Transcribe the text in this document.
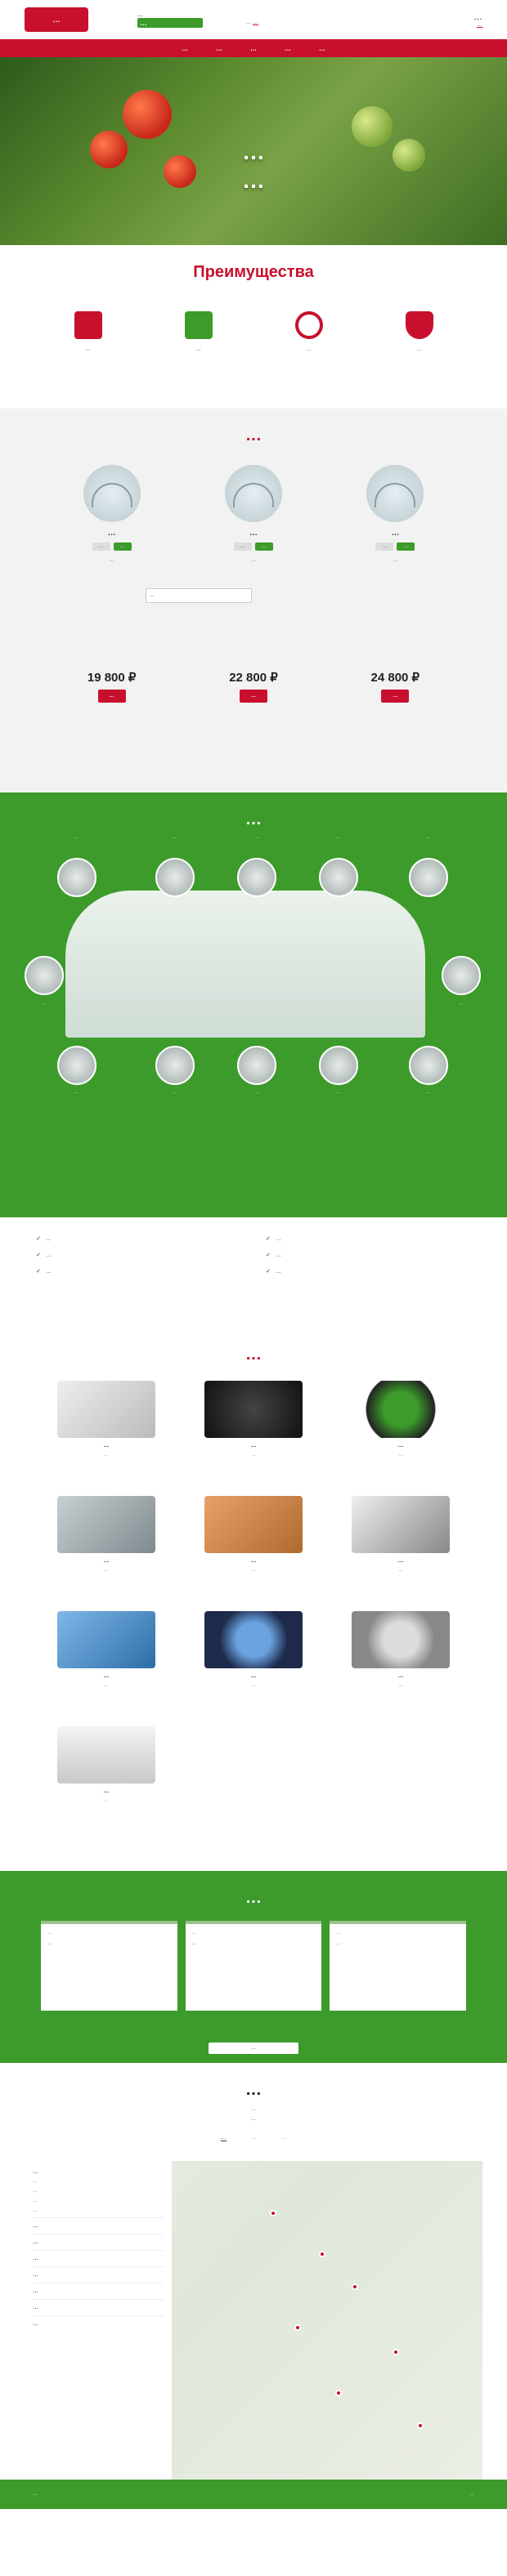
…
…
…	… …
…
…
…	…	…	…	…
…
…
Преимущества

…	…	…	…

…
…
…	…
…
19 800 ₽
…
…
…	…
…
22 800 ₽
…
…
…	…
…
24 800 ₽
…
…
…
…	…	…	…	…
…	…
…	…	…	…	…
✓ …
✓ …
✓ …
✓ …
✓ …
✓ …
…
…
…
…
…
…
…
…
…
…
…
…
…
…
…
…
…
…
…
…
…
…
…

…

…

…

…

…

…
…
…
…
…	…	…
…

…

…

…

…

…
…
…
…
…
…
…
…	…
